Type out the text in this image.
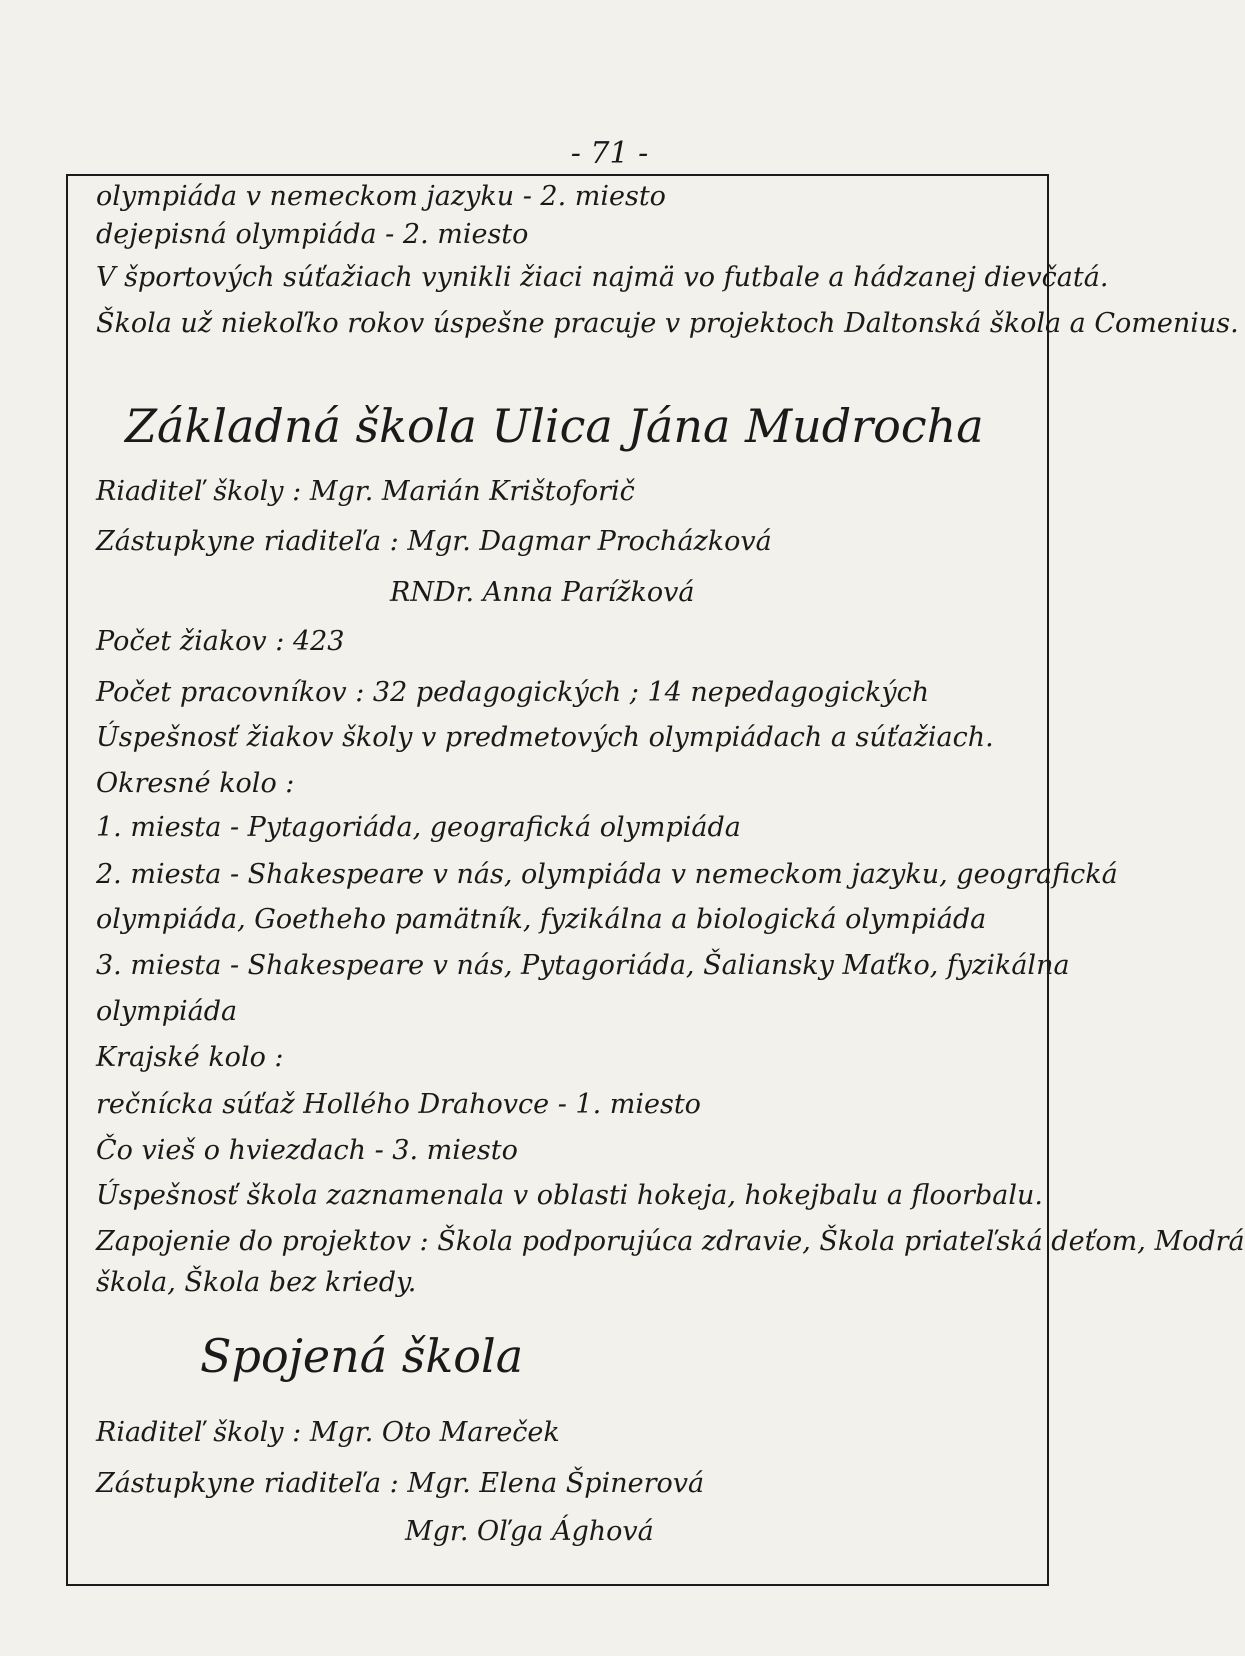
- 71 -
olympiáda v nemeckom jazyku - 2. miesto
dejepisná olympiáda - 2. miesto
V športových súťažiach vynikli žiaci najmä vo futbale a hádzanej dievčatá.
Škola už niekoľko rokov úspešne pracuje v projektoch Daltonská škola a Comenius.
Základná škola Ulica Jána Mudrocha
Riaditeľ školy : Mgr. Marián Krištoforič
Zástupkyne riaditeľa : Mgr. Dagmar Procházková
RNDr. Anna Paríz̆ková
Počet žiakov : 423
Počet pracovníkov : 32 pedagogických ; 14 nepedagogických
Úspešnosť žiakov školy v predmetových olympiádach a súťažiach.
Okresné kolo :
1. miesta - Pytagoriáda, geografická olympiáda
2. miesta - Shakespeare v nás, olympiáda v nemeckom jazyku, geografická
olympiáda, Goetheho pamätník, fyzikálna a biologická olympiáda
3. miesta - Shakespeare v nás, Pytagoriáda, Šaliansky Maťko, fyzikálna
olympiáda
Krajské kolo :
rečnícka súťaž Hollého Drahovce - 1. miesto
Čo vieš o hviezdach - 3. miesto
Úspešnosť škola zaznamenala v oblasti hokeja, hokejbalu a floorbalu.
Zapojenie do projektov : Škola podporujúca zdravie, Škola priateľská deťom, Modrá
škola, Škola bez kriedy.
Spojená škola
Riaditeľ školy : Mgr. Oto Mareček
Zástupkyne riaditeľa : Mgr. Elena Špinerová
Mgr. Oľga Ághová
